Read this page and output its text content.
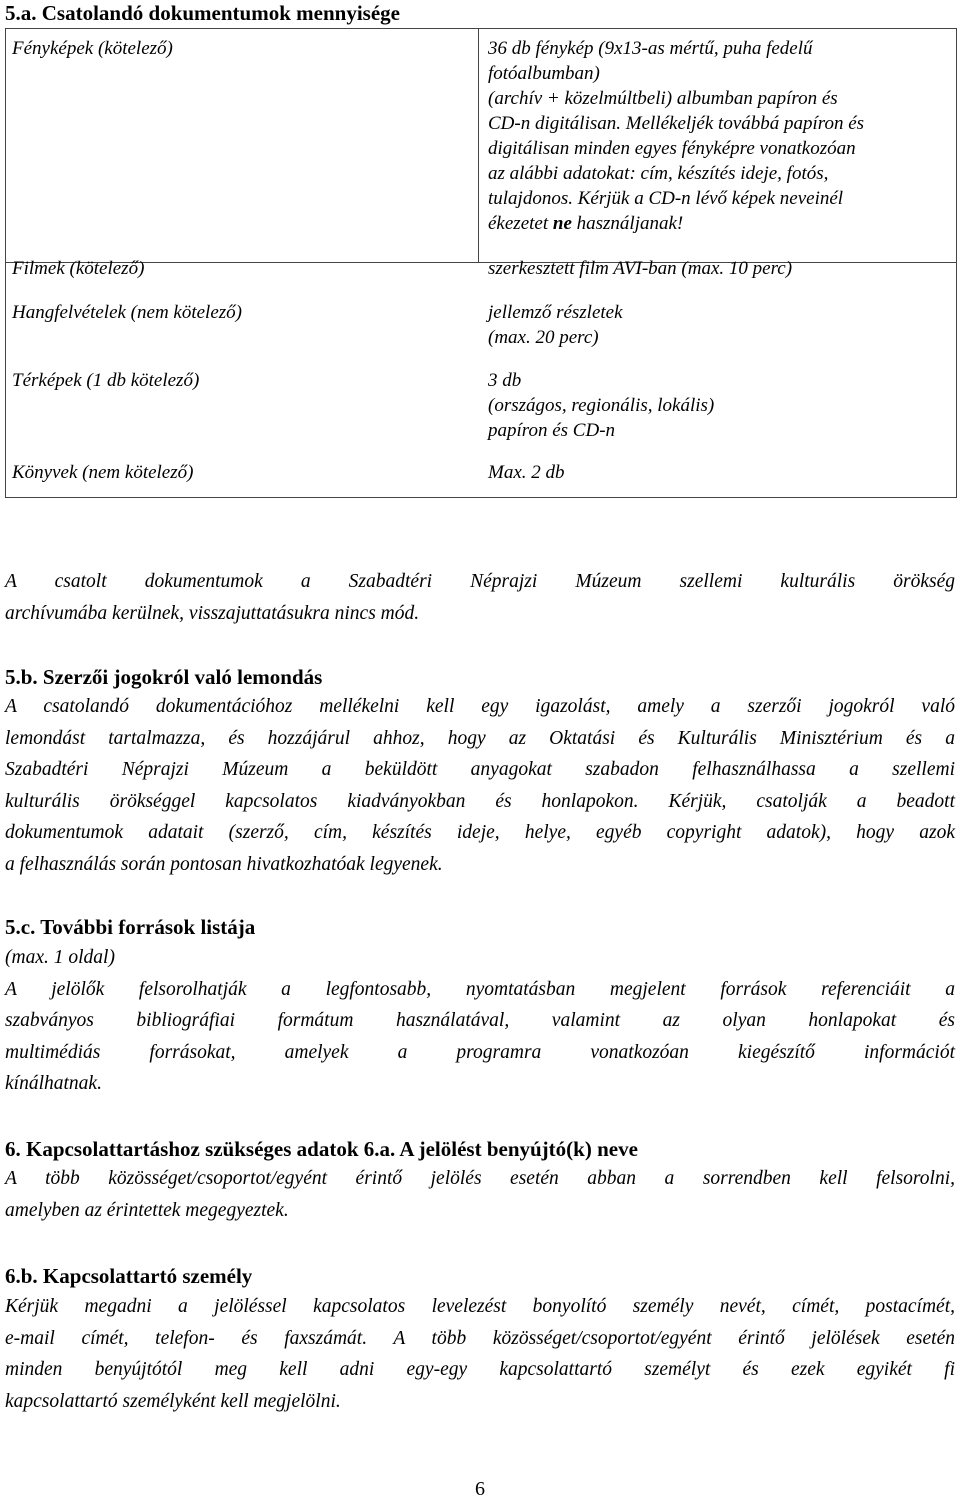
5.a. Csatolandó dokumentumok mennyisége
Fényképek (kötelező)	36 db fénykép (9x13-as mértű, puha fedelű
fotóalbumban)
(archív + közelmúltbeli) albumban papíron és
CD-n digitálisan. Mellékeljék továbbá papíron és
digitálisan minden egyes fényképre vonatkozóan
az alábbi adatokat: cím, készítés ideje, fotós,
tulajdonos. Kérjük a CD-n lévő képek neveinél
ékezetet ne használjanak!
Filmek (kötelező)	szerkesztett film AVI-ban (max. 10 perc)
Hangfelvételek (nem kötelező)	jellemző részletek
(max. 20 perc)
Térképek (1 db kötelező)	3 db
(országos, regionális, lokális)
papíron és CD-n
Könyvek (nem kötelező)	Max. 2 db
A csatolt dokumentumok a Szabadtéri Néprajzi Múzeum szellemi kulturális örökség
archívumába kerülnek, visszajuttatásukra nincs mód.
5.b. Szerzői jogokról való lemondás
A csatolandó dokumentációhoz mellékelni kell egy igazolást, amely a szerzői jogokról való
lemondást tartalmazza, és hozzájárul ahhoz, hogy az Oktatási és Kulturális Minisztérium és a
Szabadtéri Néprajzi Múzeum a beküldött anyagokat szabadon felhasználhassa a szellemi
kulturális örökséggel kapcsolatos kiadványokban és honlapokon. Kérjük, csatolják a beadott
dokumentumok adatait (szerző, cím, készítés ideje, helye, egyéb copyright adatok), hogy azok
a felhasználás során pontosan hivatkozhatóak legyenek.
5.c. További források listája
(max. 1 oldal)
A jelölők felsorolhatják a legfontosabb, nyomtatásban megjelent források referenciáit a
szabványos bibliográfiai formátum használatával, valamint az olyan honlapokat és
multimédiás forrásokat, amelyek a programra vonatkozóan kiegészítő információt
kínálhatnak.
6. Kapcsolattartáshoz szükséges adatok 6.a. A jelölést benyújtó(k) neve
A több közösséget/csoportot/egyént érintő jelölés esetén abban a sorrendben kell felsorolni,
amelyben az érintettek megegyeztek.
6.b. Kapcsolattartó személy
Kérjük megadni a jelöléssel kapcsolatos levelezést bonyolító személy nevét, címét, postacímét,
e-mail címét, telefon- és faxszámát. A több közösséget/csoportot/egyént érintő jelölések esetén
minden benyújtótól meg kell adni egy-egy kapcsolattartó személyt és ezek egyikét fi
kapcsolattartó személyként kell megjelölni.
6
